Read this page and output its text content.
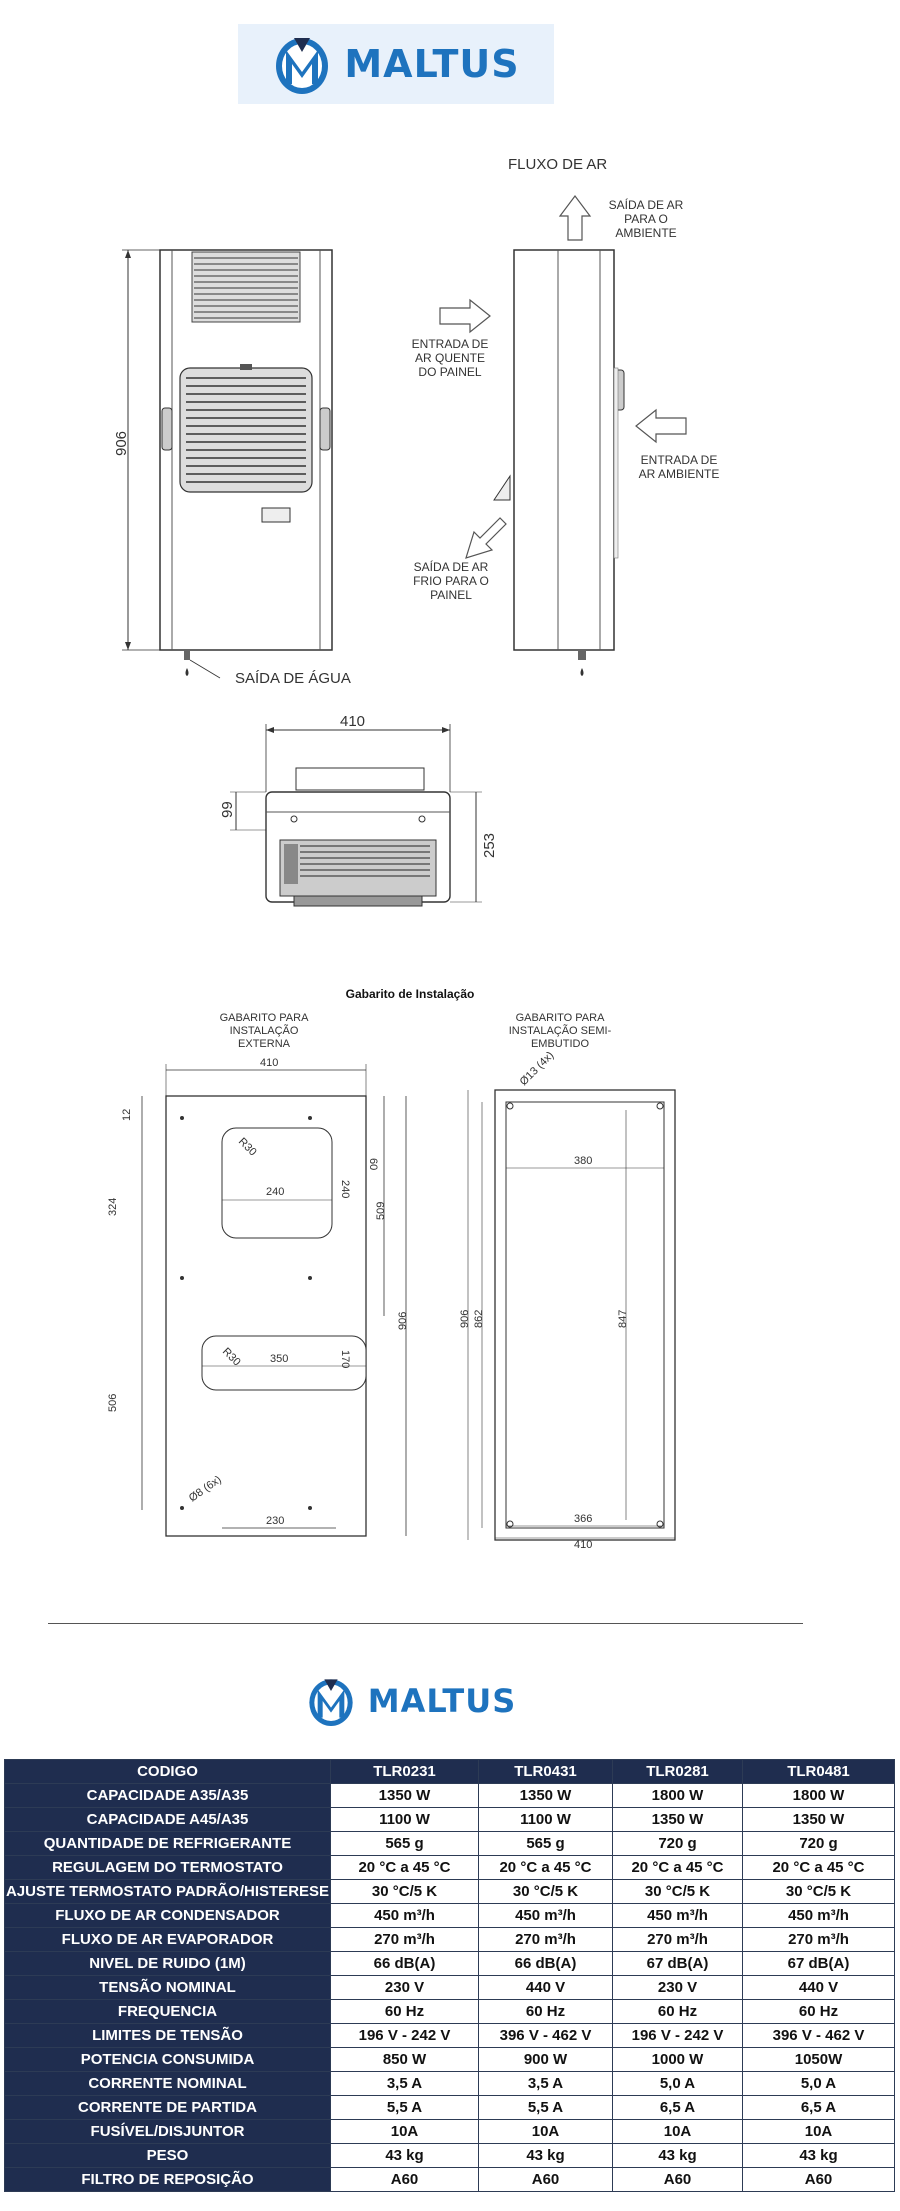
MALTUS
906
SAÍDA DE ÁGUA
FLUXO DE AR
SAÍDA DE AR PARA O AMBIENTE
ENTRADA DE AR QUENTE DO PAINEL
ENTRADA DE AR AMBIENTE
SAÍDA DE AR FRIO PARA O PAINEL
410
99
253
Gabarito de Instalação
GABARITO PARA INSTALAÇÃO EXTERNA
GABARITO PARA INSTALAÇÃO SEMI-EMBUTIDO
410
240	240
R30
60
350
R30	170
Ø8 (6x)
12
324
506
509
906
230
Ø13 (4x)
380
847
906 862
366
410
MALTUS
CODIGO	TLR0231	TLR0431	TLR0281	TLR0481
CAPACIDADE A35/A35	1350 W	1350 W	1800 W	1800 W
CAPACIDADE A45/A35	1100 W	1100 W	1350 W	1350 W
QUANTIDADE DE REFRIGERANTE	565 g	565 g	720 g	720 g
REGULAGEM DO TERMOSTATO	20 °C a 45 °C	20 °C a 45 °C	20 °C a 45 °C	20 °C a 45 °C
AJUSTE TERMOSTATO PADRÃO/HISTERESE	30 °C/5 K	30 °C/5 K	30 °C/5 K	30 °C/5 K
FLUXO DE AR CONDENSADOR	450 m³/h	450 m³/h	450 m³/h	450 m³/h
FLUXO DE AR EVAPORADOR	270 m³/h	270 m³/h	270 m³/h	270 m³/h
NIVEL DE RUIDO (1M)	66 dB(A)	66 dB(A)	67 dB(A)	67 dB(A)
TENSÃO NOMINAL	230 V	440 V	230 V	440 V
FREQUENCIA	60 Hz	60 Hz	60 Hz	60 Hz
LIMITES DE TENSÃO	196 V - 242 V	396 V - 462 V	196 V - 242 V	396 V - 462 V
POTENCIA CONSUMIDA	850 W	900 W	1000 W	1050W
CORRENTE NOMINAL	3,5 A	3,5 A	5,0 A	5,0 A
CORRENTE DE PARTIDA	5,5 A	5,5 A	6,5 A	6,5 A
FUSÍVEL/DISJUNTOR	10A	10A	10A	10A
PESO	43 kg	43 kg	43 kg	43 kg
FILTRO DE REPOSIÇÃO	A60	A60	A60	A60
